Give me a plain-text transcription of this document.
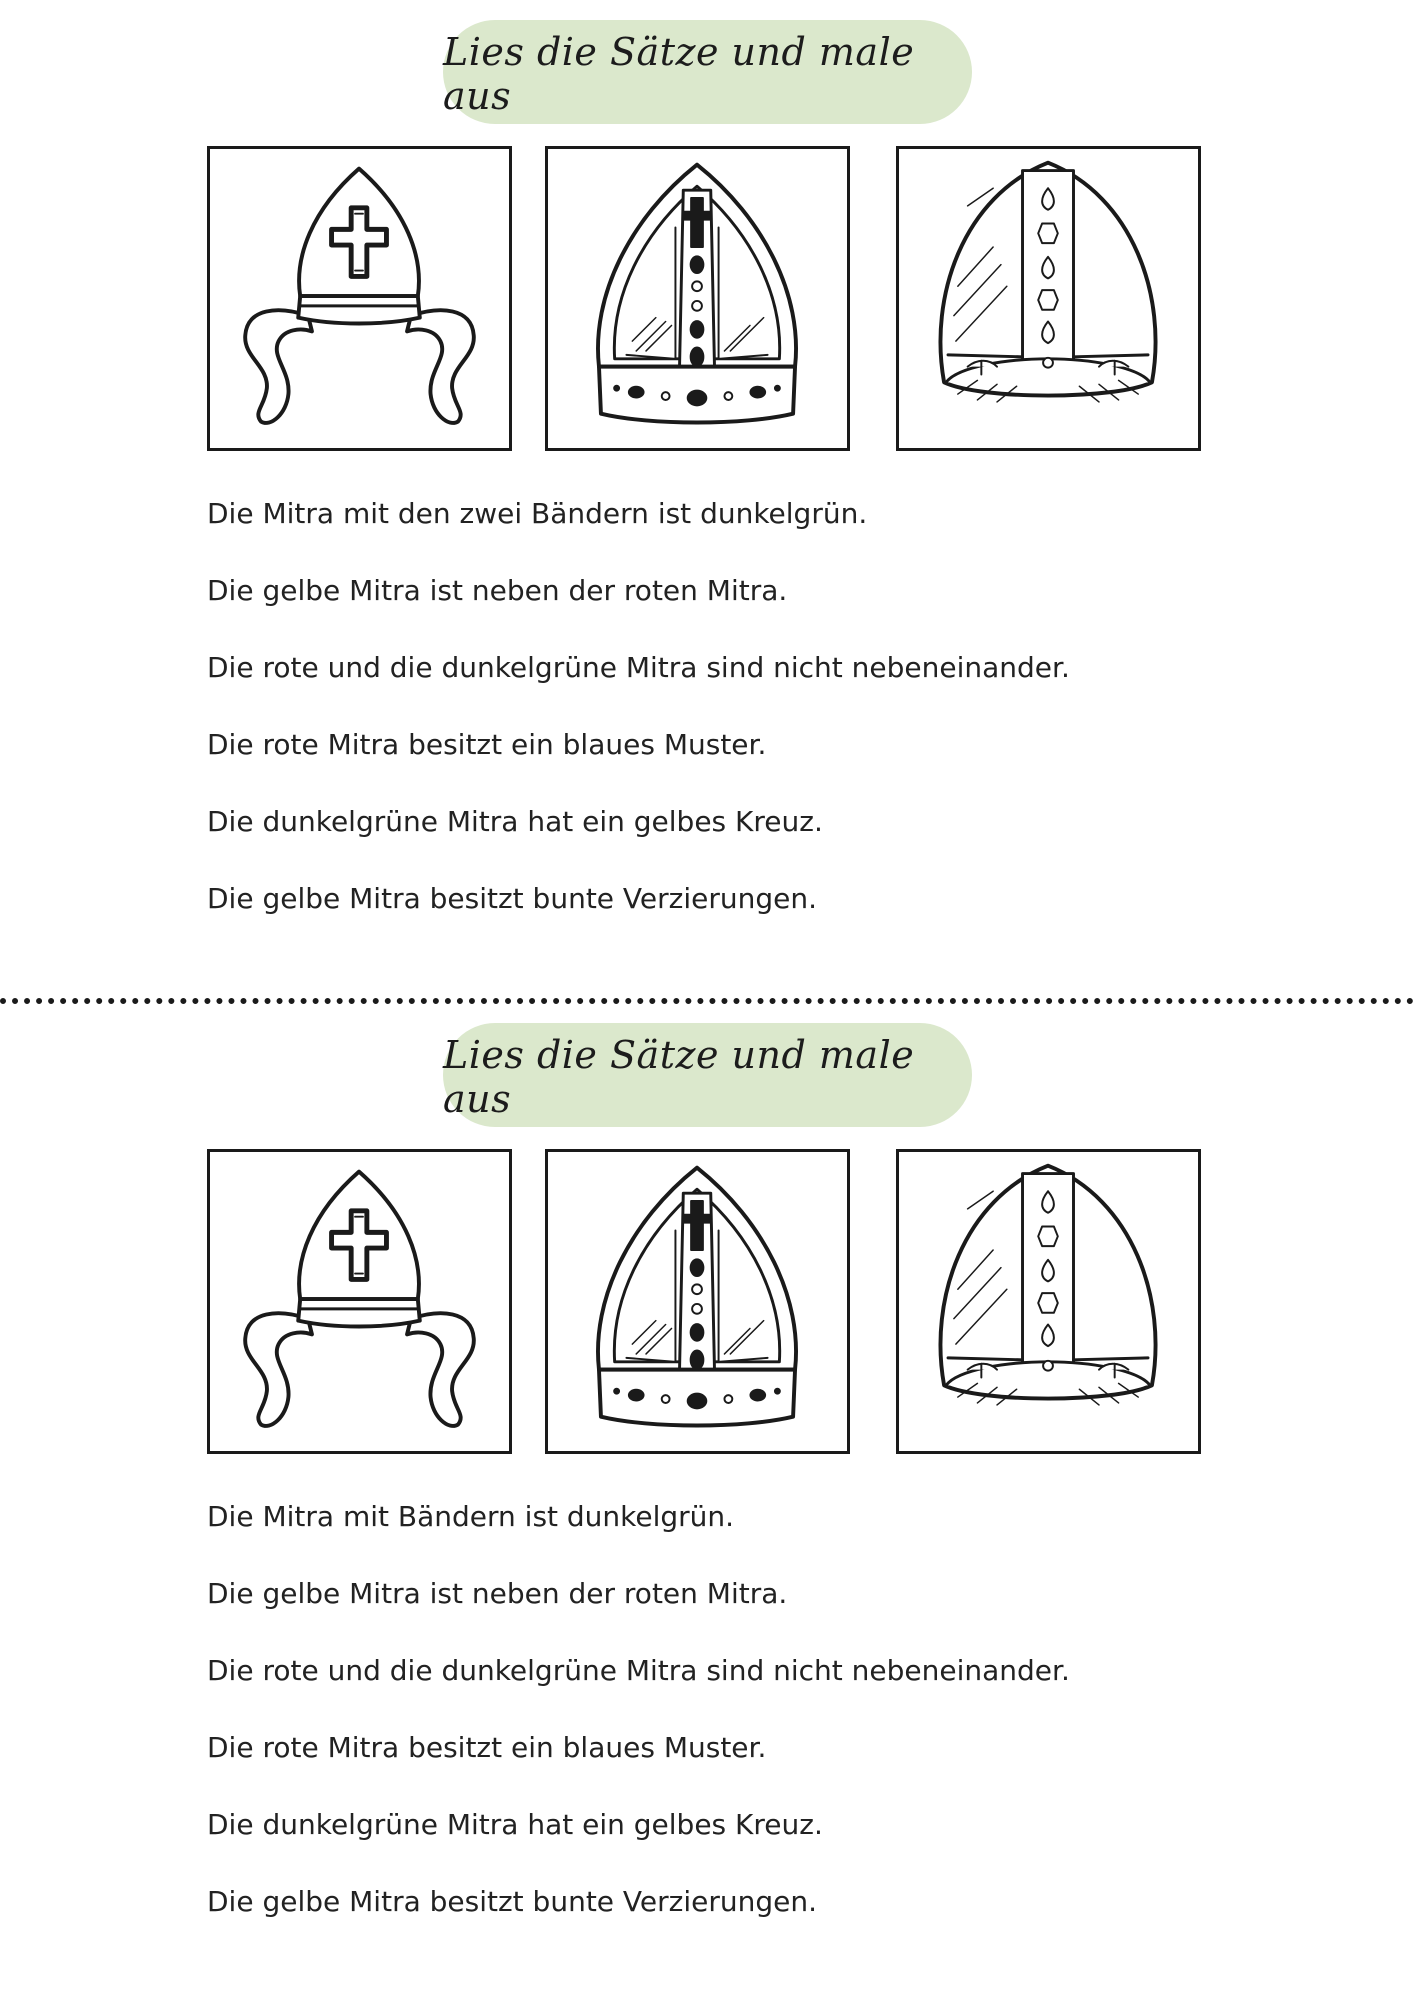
Lies die Sätze und male aus
Die Mitra mit den zwei Bändern ist dunkelgrün.
Die gelbe Mitra ist neben der roten Mitra.
Die rote und die dunkelgrüne Mitra sind nicht nebeneinander.
Die rote Mitra besitzt ein blaues Muster.
Die dunkelgrüne Mitra hat ein gelbes Kreuz.
Die gelbe Mitra besitzt bunte Verzierungen.
Lies die Sätze und male aus
Die Mitra mit Bändern ist dunkelgrün.
Die gelbe Mitra ist neben der roten Mitra.
Die rote und die dunkelgrüne Mitra sind nicht nebeneinander.
Die rote Mitra besitzt ein blaues Muster.
Die dunkelgrüne Mitra hat ein gelbes Kreuz.
Die gelbe Mitra besitzt bunte Verzierungen.
